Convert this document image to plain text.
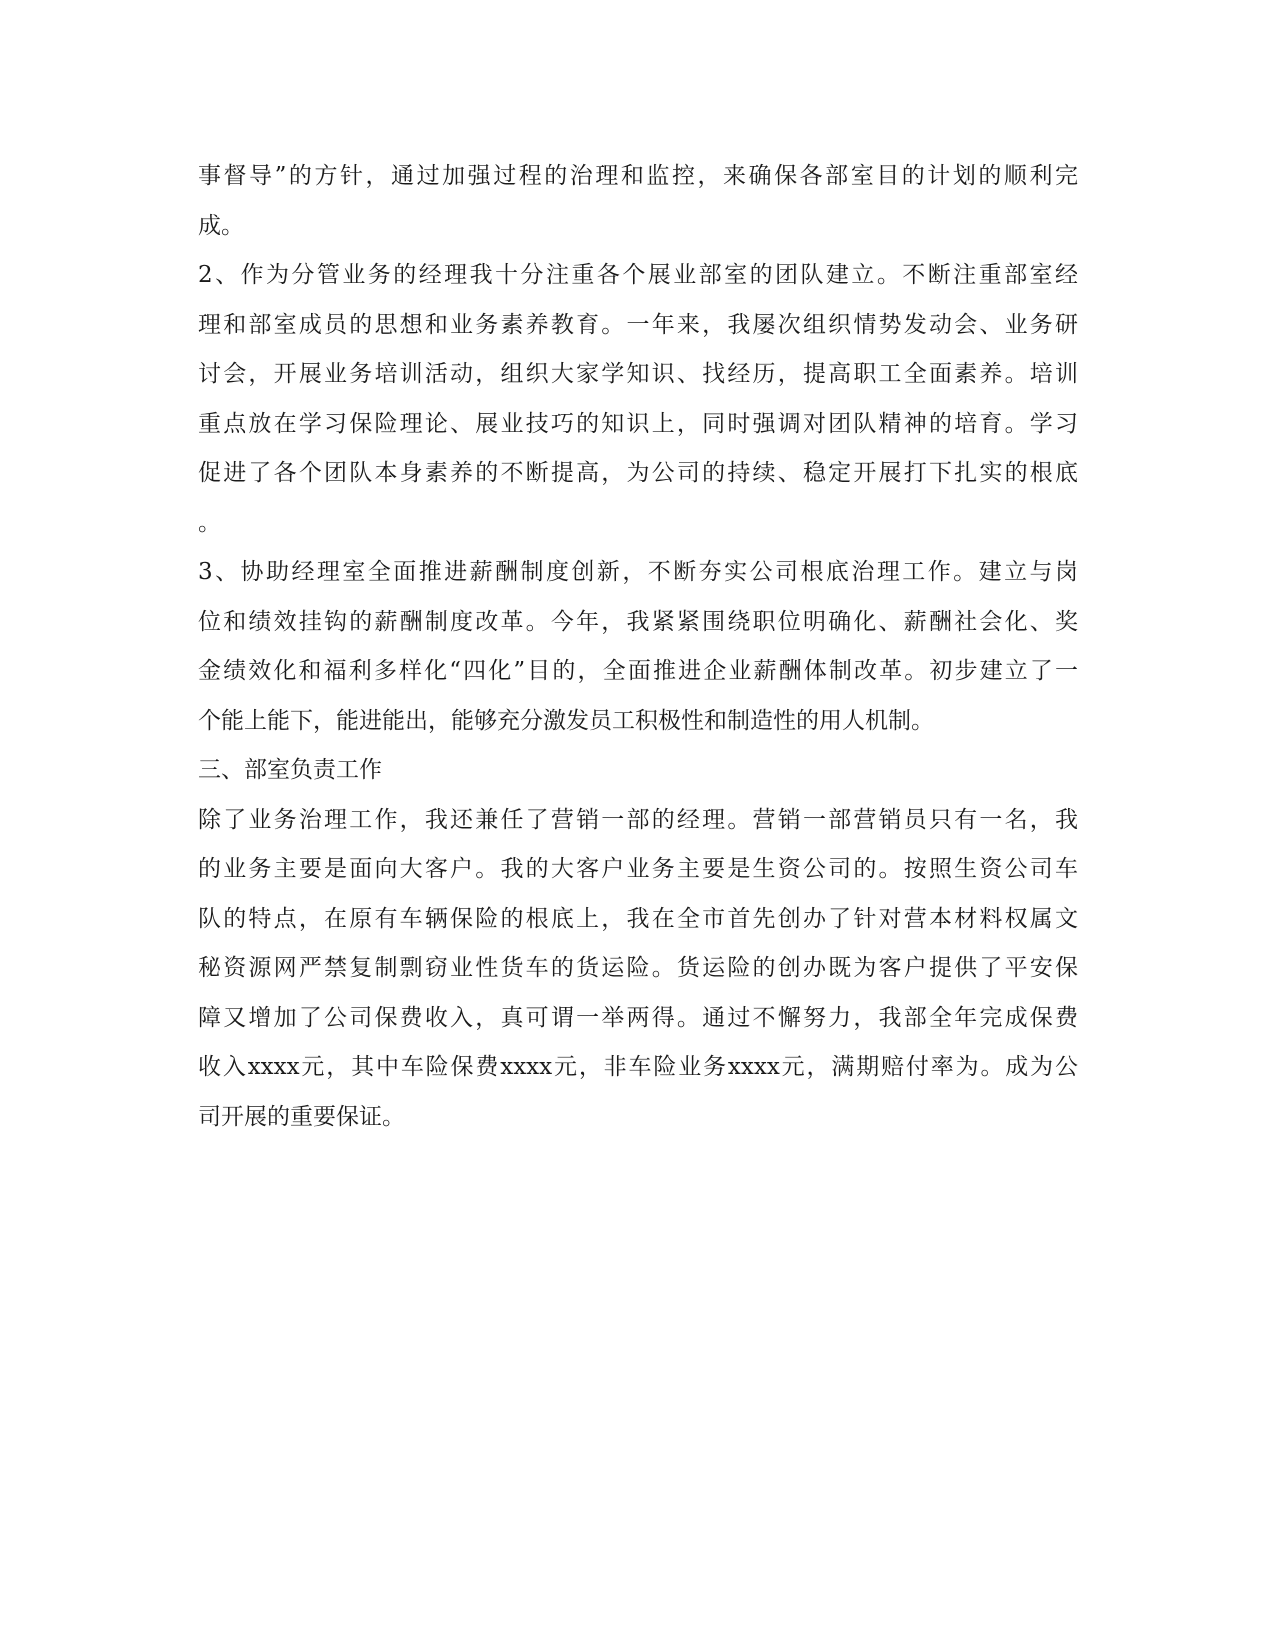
事督导”的方针，通过加强过程的治理和监控，来确保各部室目的计划的顺利完
成。
2、作为分管业务的经理我十分注重各个展业部室的团队建立。不断注重部室经
理和部室成员的思想和业务素养教育。一年来，我屡次组织情势发动会、业务研
讨会，开展业务培训活动，组织大家学知识、找经历，提高职工全面素养。培训
重点放在学习保险理论、展业技巧的知识上，同时强调对团队精神的培育。学习
促进了各个团队本身素养的不断提高，为公司的持续、稳定开展打下扎实的根底
。
3、协助经理室全面推进薪酬制度创新，不断夯实公司根底治理工作。建立与岗
位和绩效挂钩的薪酬制度改革。今年，我紧紧围绕职位明确化、薪酬社会化、奖
金绩效化和福利多样化“四化”目的，全面推进企业薪酬体制改革。初步建立了一
个能上能下，能进能出，能够充分激发员工积极性和制造性的用人机制。
三、部室负责工作
除了业务治理工作，我还兼任了营销一部的经理。营销一部营销员只有一名，我
的业务主要是面向大客户。我的大客户业务主要是生资公司的。按照生资公司车
队的特点，在原有车辆保险的根底上，我在全市首先创办了针对营本材料权属文
秘资源网严禁复制剽窃业性货车的货运险。货运险的创办既为客户提供了平安保
障又增加了公司保费收入，真可谓一举两得。通过不懈努力，我部全年完成保费
收入xxxx元，其中车险保费xxxx元，非车险业务xxxx元，满期赔付率为。成为公
司开展的重要保证。
